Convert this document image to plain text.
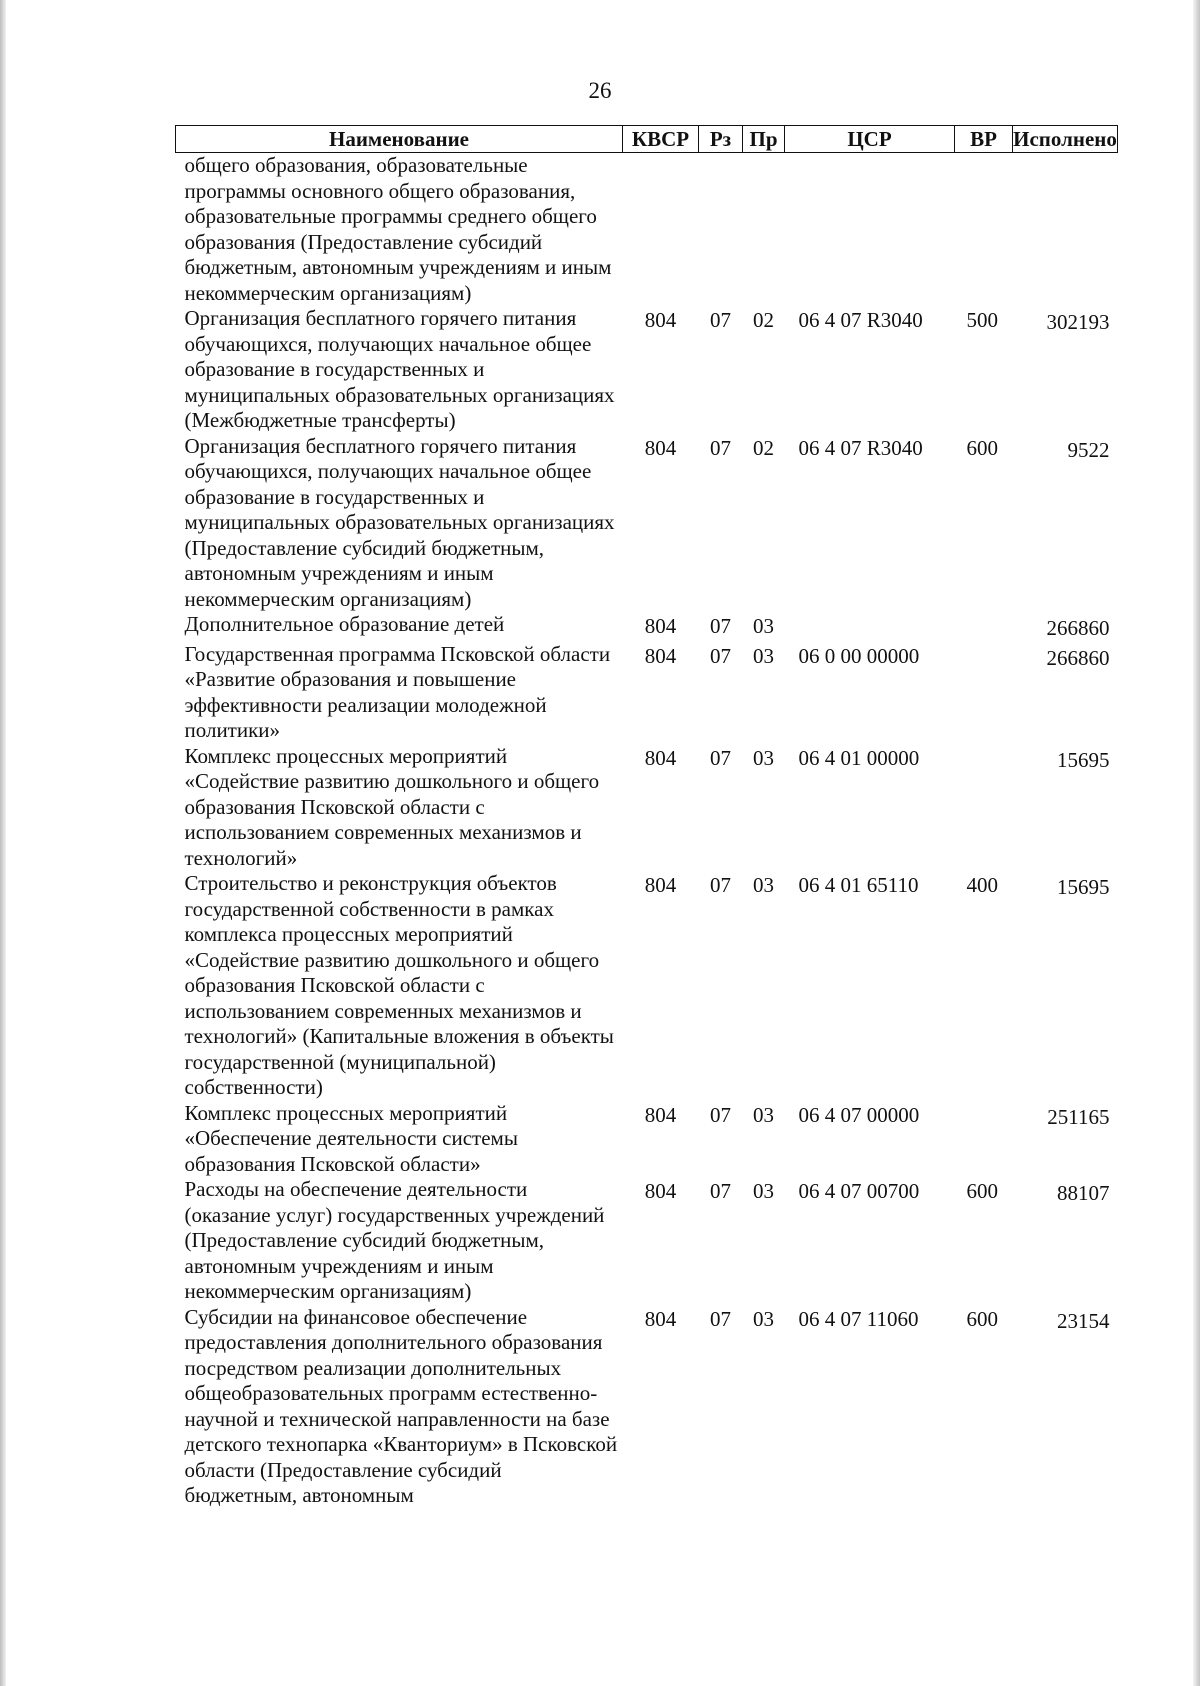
26
Наименование	КВСР	Рз	Пр	ЦСР	ВР	Исполнено
общего образования, образовательные программы основного общего образования, образовательные программы среднего общего образования (Предоставление субсидий бюджетным, автономным учреждениям и иным некоммерческим организациям)						
Организация бесплатного горячего питания обучающихся, получающих начальное общее образование в государственных и муниципальных образовательных организациях (Межбюджетные трансферты)	804	07	02	06 4 07 R3040	500	302193
Организация бесплатного горячего питания обучающихся, получающих начальное общее образование в государственных и муниципальных образовательных организациях (Предоставление субсидий бюджетным, автономным учреждениям и иным некоммерческим организациям)	804	07	02	06 4 07 R3040	600	9522
Дополнительное образование детей	804	07	03			266860
Государственная программа Псковской области «Развитие образования и повышение эффективности реализации молодежной политики»	804	07	03	06 0 00 00000		266860
Комплекс процессных мероприятий «Содействие развитию дошкольного и общего образования Псковской области с использованием современных механизмов и технологий»	804	07	03	06 4 01 00000		15695
Строительство и реконструкция объектов государственной собственности в рамках комплекса процессных мероприятий «Содействие развитию дошкольного и общего образования Псковской области с использованием современных механизмов и технологий» (Капитальные вложения в объекты государственной (муниципальной) собственности)	804	07	03	06 4 01 65110	400	15695
Комплекс процессных мероприятий «Обеспечение деятельности системы образования Псковской области»	804	07	03	06 4 07 00000		251165
Расходы на обеспечение деятельности (оказание услуг) государственных учреждений (Предоставление субсидий бюджетным, автономным учреждениям и иным некоммерческим организациям)	804	07	03	06 4 07 00700	600	88107
Субсидии на финансовое обеспечение предоставления дополнительного образования посредством реализации дополнительных общеобразовательных программ естественно-научной и технической направленности на базе детского технопарка «Кванториум» в Псковской области (Предоставление субсидий бюджетным, автономным	804	07	03	06 4 07 11060	600	23154
